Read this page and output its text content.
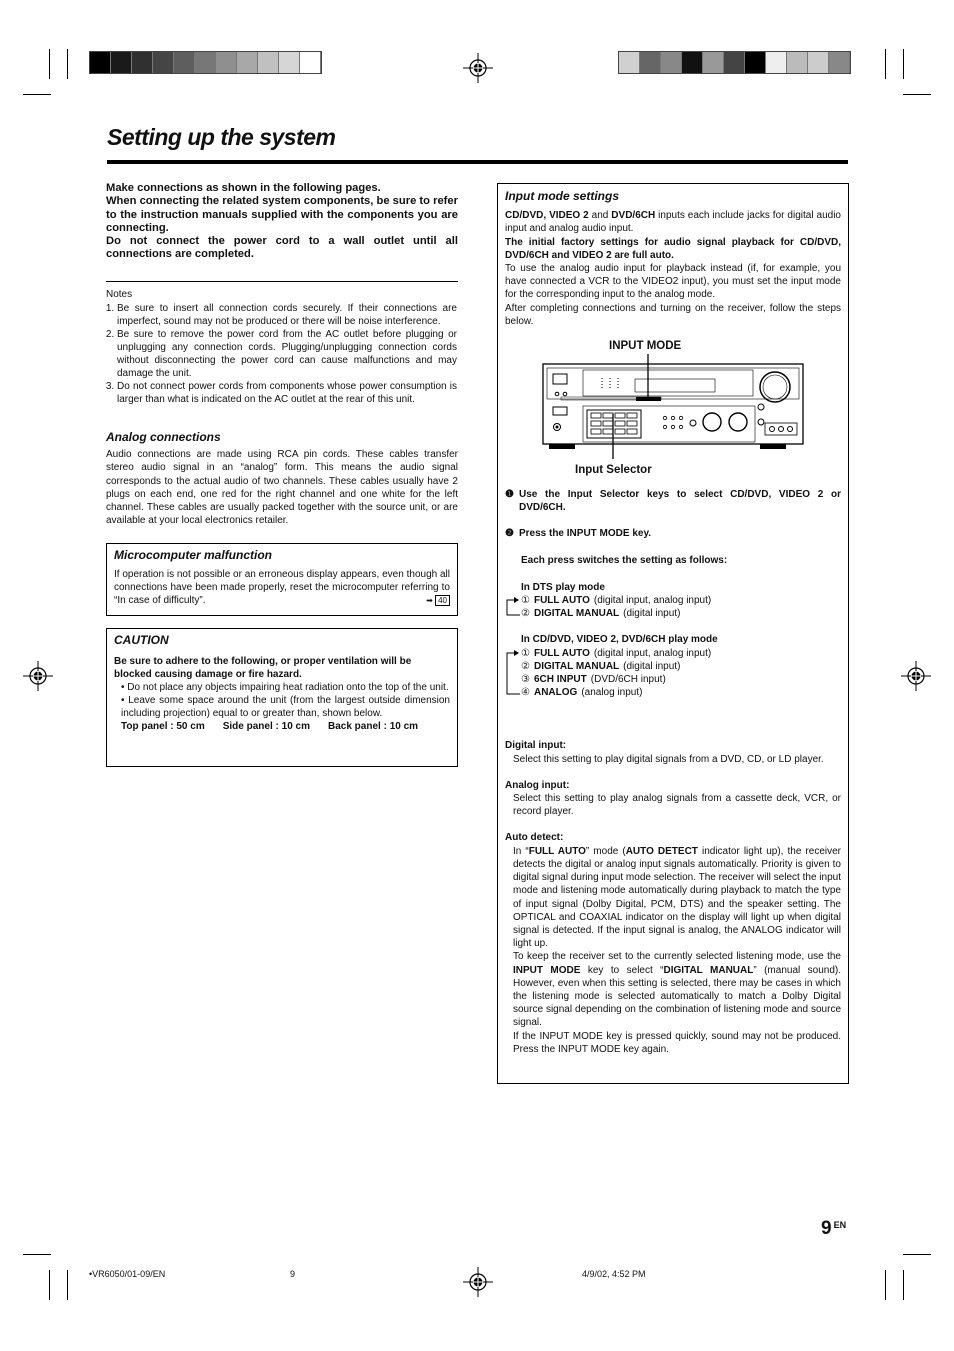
Setting up the system

Make connections as shown in the following pages.

When connecting the related system components, be sure to refer to the instruction manuals supplied with the components you are connecting.

Do not connect the power cord to a wall outlet until all connections are completed.

Notes

1. Be sure to insert all connection cords securely. If their connections are imperfect, sound may not be produced or there will be noise interference.
2. Be sure to remove the power cord from the AC outlet before plugging or unplugging any connection cords. Plugging/unplugging connection cords without disconnecting the power cord can cause malfunctions and may damage the unit.
3. Do not connect power cords from components whose power consumption is larger than what is indicated on the AC outlet at the rear of this unit.
Analog connections

Audio connections are made using RCA pin cords. These cables transfer stereo audio signal in an “analog” form. This means the audio signal corresponds to the actual audio of two channels. These cables usually have 2 plugs on each end, one red for the right channel and one white for the left channel. These cables are usually packed together with the source unit, or are available at your local electronics retailer.

Microcomputer malfunction

If operation is not possible or an erroneous display appears, even though all connections have been made properly, reset the microcomputer referring to “In case of difficulty”.	➡ 40

CAUTION
Be sure to adhere to the following, or proper ventilation will be blocked causing damage or fire hazard.
• Do not place any objects impairing heat radiation onto the top of the unit.
• Leave some space around the unit (from the largest outside dimension including projection) equal to or greater than, shown below.
Top panel : 50 cm Side panel : 10 cm Back panel : 10 cm
Input mode settings

CD/DVD, VIDEO 2 and DVD/6CH inputs each include jacks for digital audio input and analog audio input.

The initial factory settings for audio signal playback for CD/DVD, DVD/6CH and VIDEO 2 are full auto.

To use the analog audio input for playback instead (if, for example, you have connected a VCR to the VIDEO2 input), you must set the input mode for the corresponding input to the analog mode.

After completing connections and turning on the receiver, follow the steps below.

INPUT MODE
Input Selector
❶ Use the Input Selector keys to select CD/DVD, VIDEO 2 or DVD/6CH.
❷ Press the INPUT MODE key.
Each press switches the setting as follows:
In DTS play mode
① FULL AUTO (digital input, analog input)
② DIGITAL MANUAL (digital input)
In CD/DVD, VIDEO 2, DVD/6CH play mode
① FULL AUTO (digital input, analog input)
② DIGITAL MANUAL (digital input)
③ 6CH INPUT (DVD/6CH input)
④ ANALOG (analog input)
Digital input:

Select this setting to play digital signals from a DVD, CD, or LD player.

Analog input:

Select this setting to play analog signals from a cassette deck, VCR, or record player.

Auto detect:

In “FULL AUTO” mode (AUTO DETECT indicator light up), the receiver detects the digital or analog input signals automatically. Priority is given to digital signal during input mode selection. The receiver will select the input mode and listening mode automatically during playback to match the type of input signal (Dolby Digital, PCM, DTS) and the speaker setting. The OPTICAL and COAXIAL indicator on the display will light up when digital signal is detected. If the input signal is analog, the ANALOG indicator will light up.

To keep the receiver set to the currently selected listening mode, use the INPUT MODE key to select “DIGITAL MANUAL” (manual sound). However, even when this setting is selected, there may be cases in which the listening mode is selected automatically to match a Dolby Digital source signal depending on the combination of listening mode and source signal.

If the INPUT MODE key is pressed quickly, sound may not be produced. Press the INPUT MODE key again.

9 $^{EN}$
•VR6050/01-09/EN	9	4/9/02, 4:52 PM
